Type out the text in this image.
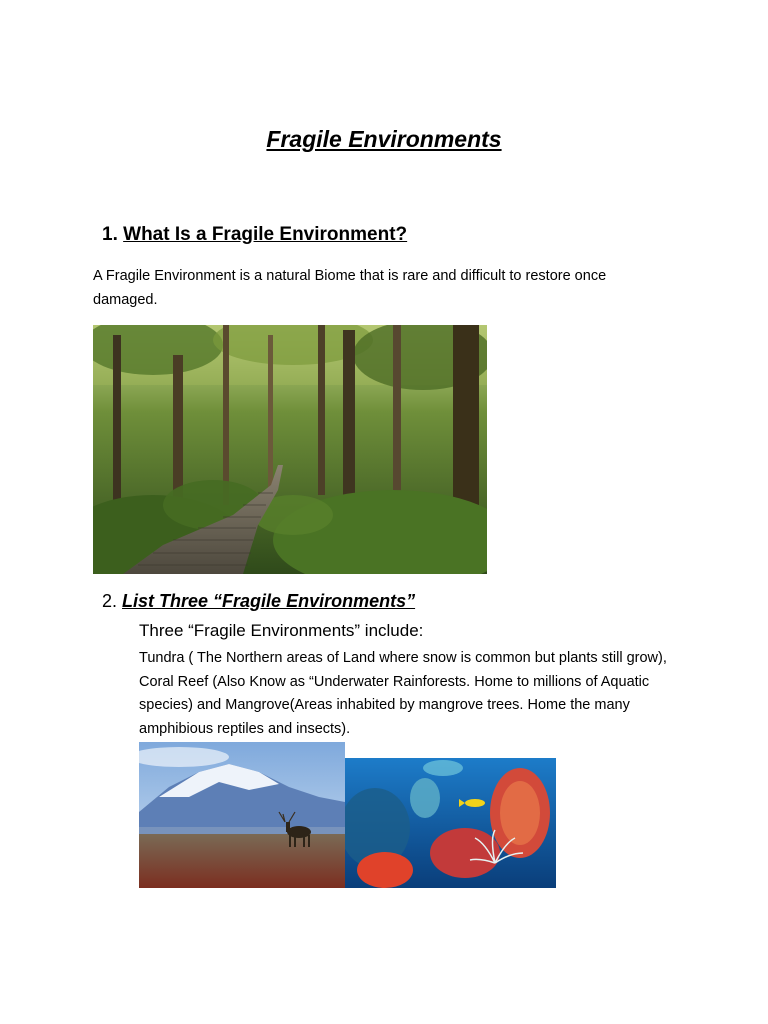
Fragile Environments
1. What Is a Fragile Environment?
A Fragile Environment is a natural Biome that is rare and difficult to restore once damaged.
2. List Three “Fragile Environments”
Three “Fragile Environments” include:
Tundra ( The Northern areas of Land where snow is common but plants still grow), Coral Reef (Also Know as “Underwater Rainforests. Home to millions of Aquatic species) and Mangrove(Areas inhabited by mangrove trees. Home the many amphibious reptiles and insects).
